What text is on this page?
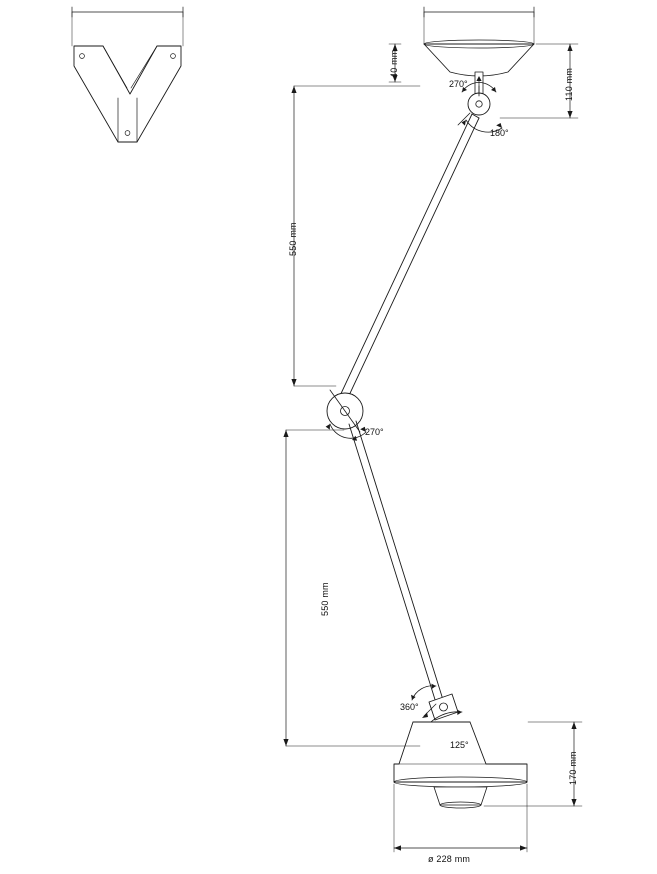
40 mm
110 mm
550 mm
550 mm
170 mm
ø 228 mm
270°
180°
270°
360°
125°
